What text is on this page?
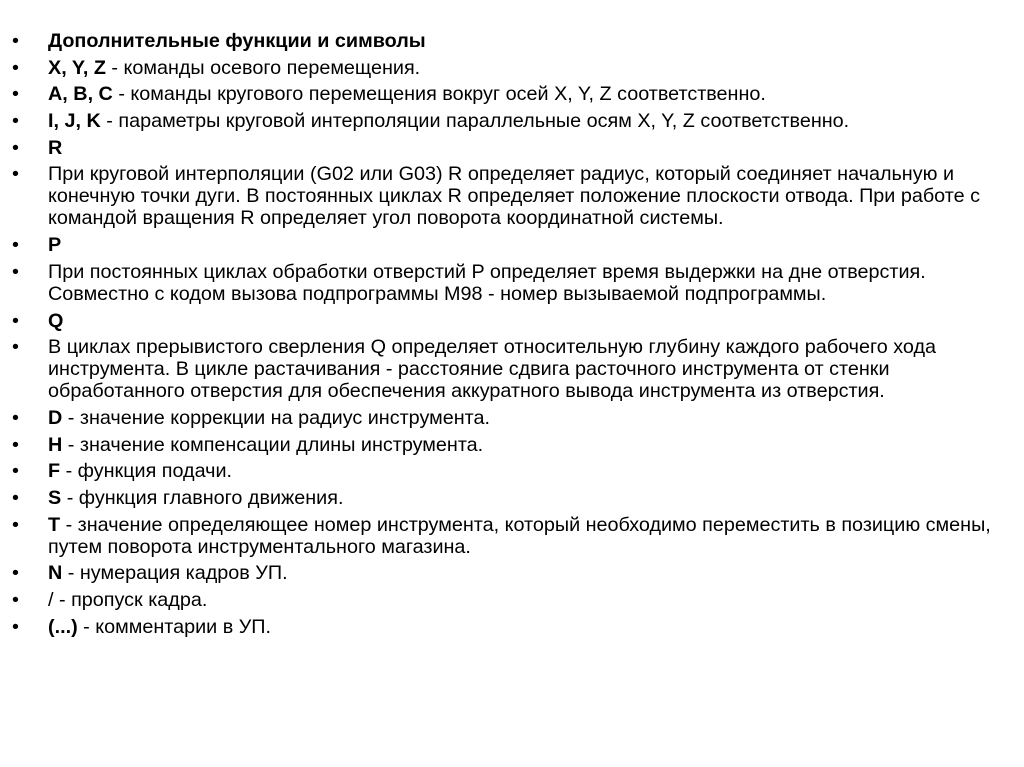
•	Дополнительные функции и символы
•	X, Y, Z - команды осевого перемещения.
•	A, B, C - команды кругового перемещения вокруг осей X, Y, Z соответственно.
•	I, J, K - параметры круговой интерполяции параллельные осям X, Y, Z соответственно.
•	R
•	При круговой интерполяции (G02 или G03) R определяет радиус, который соединяет начальную и конечную точки дуги. В постоянных циклах R определяет положение плоскости отвода. При работе с командой вращения R определяет угол поворота координатной системы.
•	P
•	При постоянных циклах обработки отверстий P определяет время выдержки на дне отверстия. Совместно с кодом вызова подпрограммы M98 - номер вызываемой подпрограммы.
•	Q
•	В циклах прерывистого сверления Q определяет относительную глубину каждого рабочего хода инструмента. В цикле растачивания - расстояние сдвига расточного инструмента от стенки обработанного отверстия для обеспечения аккуратного вывода инструмента из отверстия.
•	D - значение коррекции на радиус инструмента.
•	H - значение компенсации длины инструмента.
•	F - функция подачи.
•	S - функция главного движения.
•	T - значение определяющее номер инструмента, который необходимо переместить в позицию смены, путем поворота инструментального магазина.
•	N - нумерация кадров УП.
•	/ - пропуск кадра.
•	(...) - комментарии в УП.
